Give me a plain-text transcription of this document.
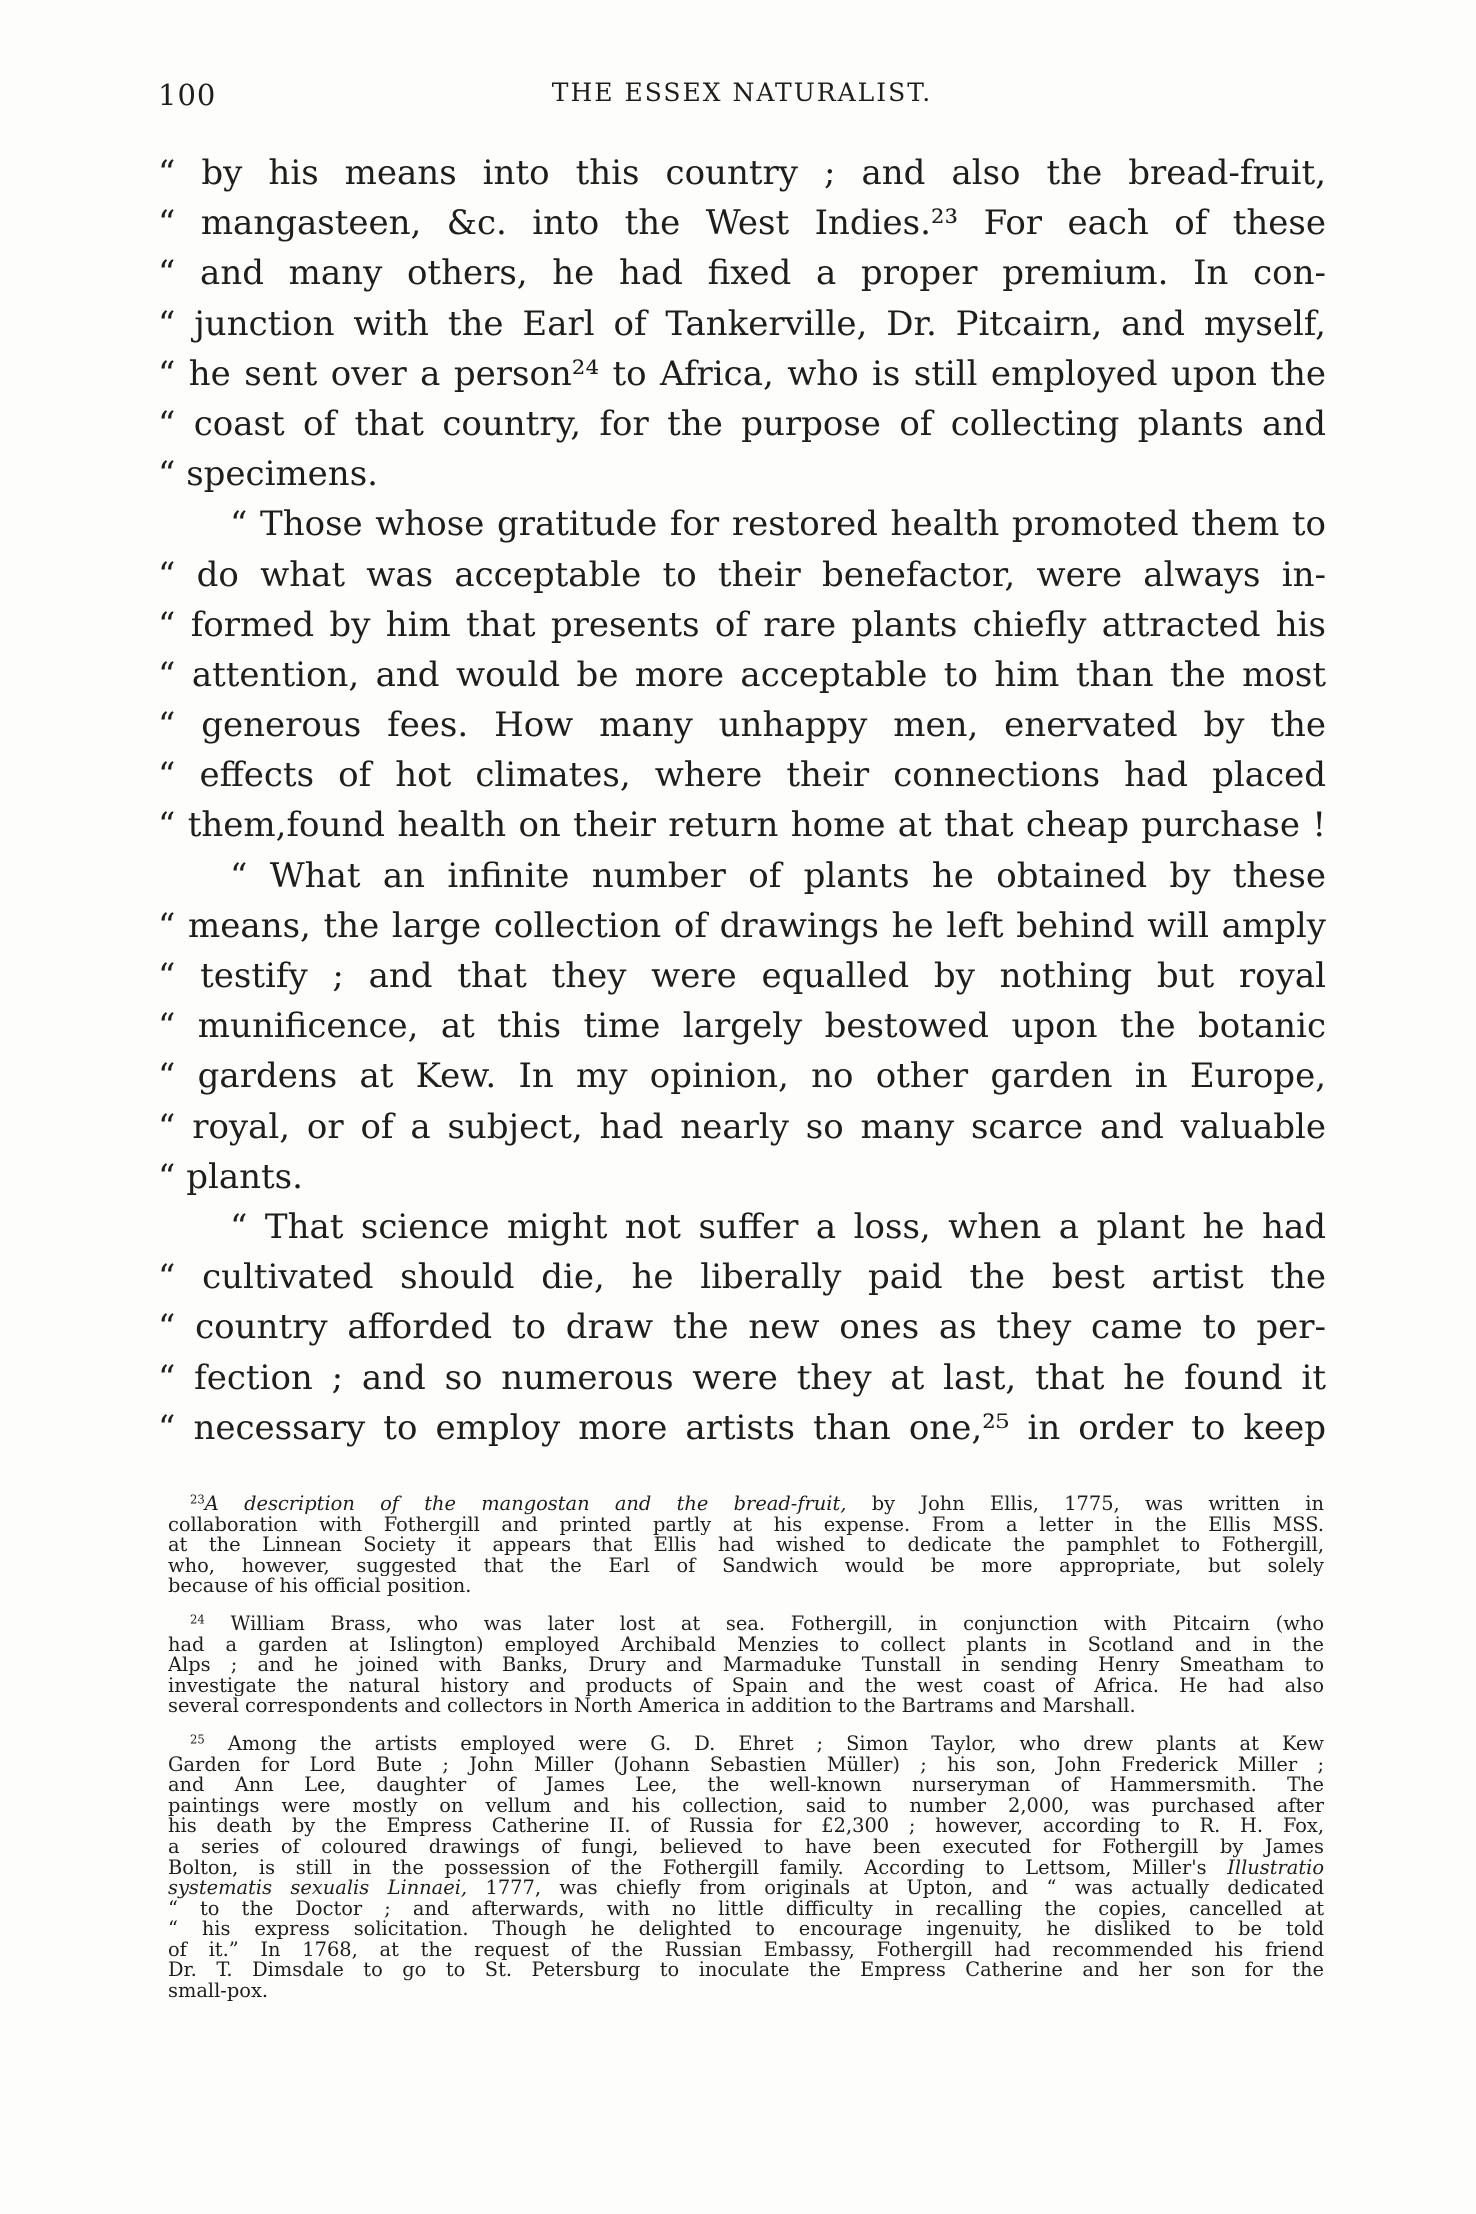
100	THE ESSEX NATURALIST.
“ by his means into this country ; and also the bread-fruit,
“ mangasteen, &c. into the West Indies.²³ For each of these
“ and many others, he had fixed a proper premium. In con-
“ junction with the Earl of Tankerville, Dr. Pitcairn, and myself,
“ he sent over a person²⁴ to Africa, who is still employed upon the
“ coast of that country, for the purpose of collecting plants and
“ specimens.
“ Those whose gratitude for restored health promoted them to
“ do what was acceptable to their benefactor, were always in-
“ formed by him that presents of rare plants chiefly attracted his
“ attention, and would be more acceptable to him than the most
“ generous fees. How many unhappy men, enervated by the
“ effects of hot climates, where their connections had placed
“ them,found health on their return home at that cheap purchase !
“ What an infinite number of plants he obtained by these
“ means, the large collection of drawings he left behind will amply
“ testify ; and that they were equalled by nothing but royal
“ munificence, at this time largely bestowed upon the botanic
“ gardens at Kew. In my opinion, no other garden in Europe,
“ royal, or of a subject, had nearly so many scarce and valuable
“ plants.
“ That science might not suffer a loss, when a plant he had
“ cultivated should die, he liberally paid the best artist the
“ country afforded to draw the new ones as they came to per-
“ fection ; and so numerous were they at last, that he found it
“ necessary to employ more artists than one,²⁵ in order to keep
$^{23}$A description of the mangostan and the bread-fruit, by John Ellis, 1775, was written in
collaboration with Fothergill and printed partly at his expense. From a letter in the Ellis MSS.
at the Linnean Society it appears that Ellis had wished to dedicate the pamphlet to Fothergill,
who, however, suggested that the Earl of Sandwich would be more appropriate, but solely
because of his official position.
$^{24}$ William Brass, who was later lost at sea. Fothergill, in conjunction with Pitcairn (who
had a garden at Islington) employed Archibald Menzies to collect plants in Scotland and in the
Alps ; and he joined with Banks, Drury and Marmaduke Tunstall in sending Henry Smeatham to
investigate the natural history and products of Spain and the west coast of Africa. He had also
several correspondents and collectors in North America in addition to the Bartrams and Marshall.
$^{25}$ Among the artists employed were G. D. Ehret ; Simon Taylor, who drew plants at Kew
Garden for Lord Bute ; John Miller (Johann Sebastien Müller) ; his son, John Frederick Miller ;
and Ann Lee, daughter of James Lee, the well-known nurseryman of Hammersmith. The
paintings were mostly on vellum and his collection, said to number 2,000, was purchased after
his death by the Empress Catherine II. of Russia for £2,300 ; however, according to R. H. Fox,
a series of coloured drawings of fungi, believed to have been executed for Fothergill by James
Bolton, is still in the possession of the Fothergill family. According to Lettsom, Miller's Illustratio
systematis sexualis Linnaei, 1777, was chiefly from originals at Upton, and “ was actually dedicated
“ to the Doctor ; and afterwards, with no little difficulty in recalling the copies, cancelled at
“ his express solicitation. Though he delighted to encourage ingenuity, he disliked to be told
of it.” In 1768, at the request of the Russian Embassy, Fothergill had recommended his friend
Dr. T. Dimsdale to go to St. Petersburg to inoculate the Empress Catherine and her son for the
small-pox.
